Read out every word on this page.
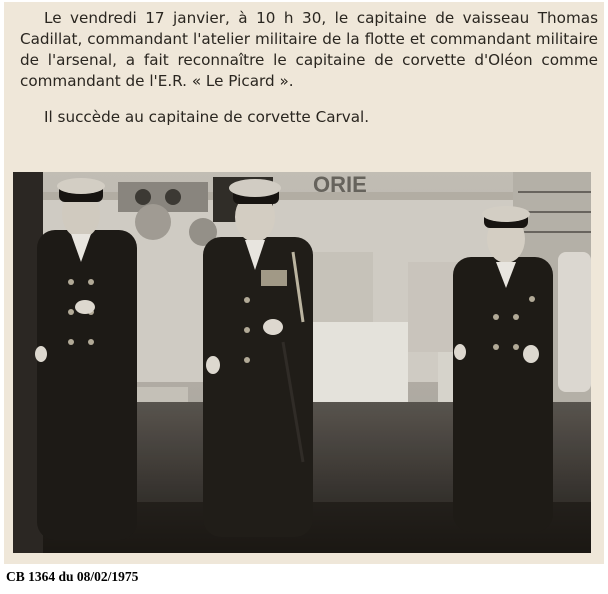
Le vendredi 17 janvier, à 10 h 30, le capitaine de vaisseau Thomas Cadillat, commandant l'atelier militaire de la flotte et commandant militaire de l'arsenal, a fait reconnaître le capitaine de corvette d'Oléon comme commandant de l'E.R. « Le Picard ».

Il succède au capitaine de corvette Carval.

ORIE
CB 1364 du 08/02/1975
